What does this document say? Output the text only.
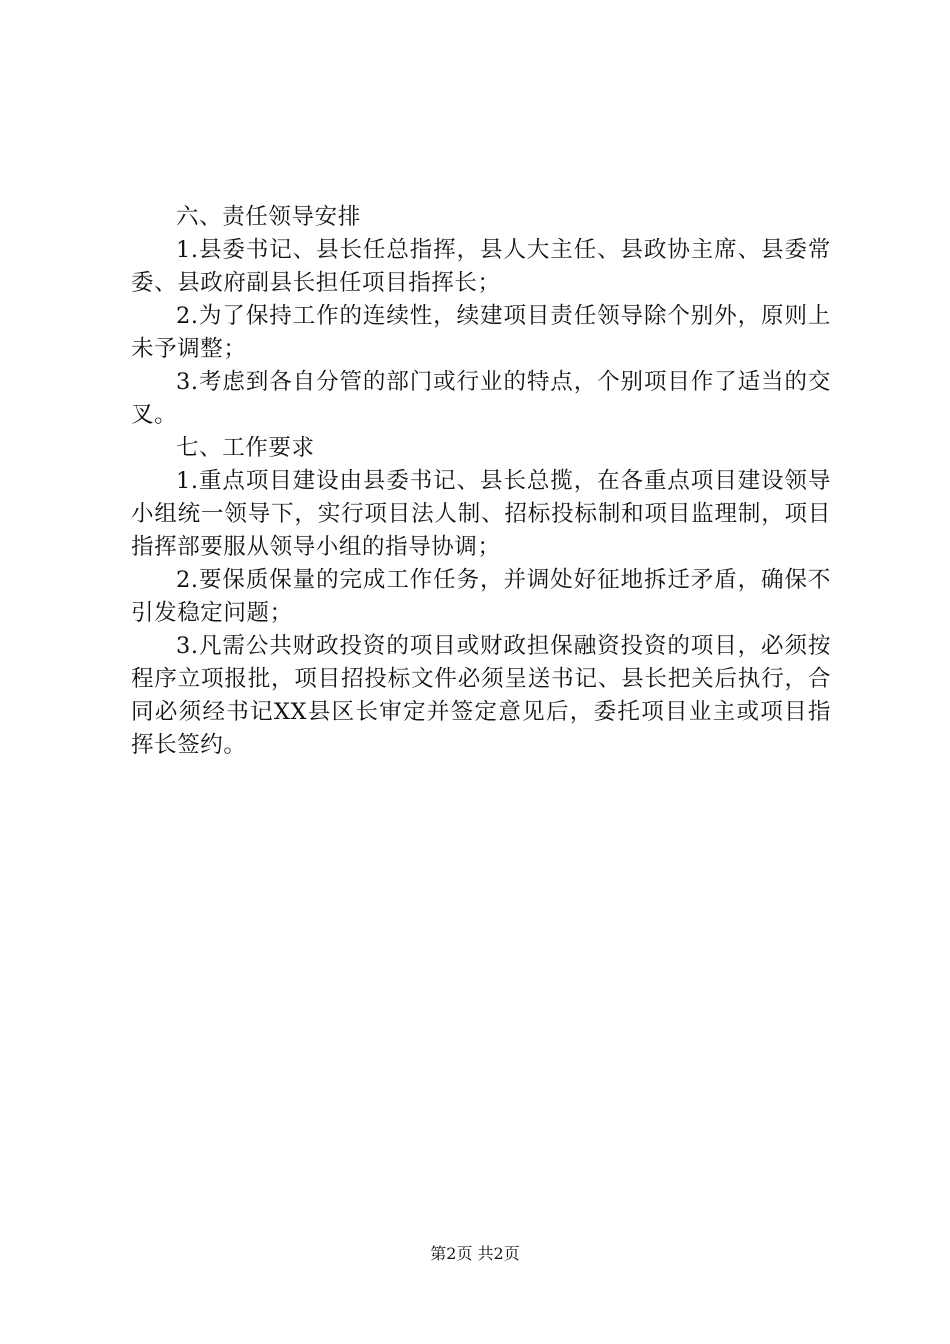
六、责任领导安排

1.县委书记、县长任总指挥，县人大主任、县政协主席、县委常委、县政府副县长担任项目指挥长；

2.为了保持工作的连续性，续建项目责任领导除个别外，原则上未予调整；

3.考虑到各自分管的部门或行业的特点，个别项目作了适当的交叉。

七、工作要求

1.重点项目建设由县委书记、县长总揽，在各重点项目建设领导小组统一领导下，实行项目法人制、招标投标制和项目监理制，项目指挥部要服从领导小组的指导协调；

2.要保质保量的完成工作任务，并调处好征地拆迁矛盾，确保不引发稳定问题；

3.凡需公共财政投资的项目或财政担保融资投资的项目，必须按程序立项报批，项目招投标文件必须呈送书记、县长把关后执行，合同必须经书记XX县区长审定并签定意见后，委托项目业主或项目指挥长签约。

第2页 共2页
